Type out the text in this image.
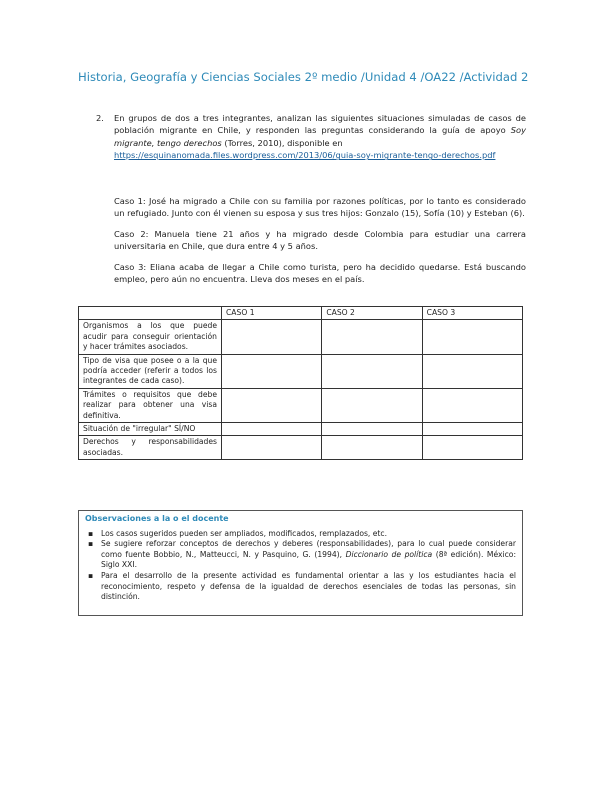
Historia, Geografía y Ciencias Sociales 2º medio /Unidad 4 /OA22 /Actividad 2
2. En grupos de dos a tres integrantes, analizan las siguientes situaciones simuladas de casos de población migrante en Chile, y responden las preguntas considerando la guía de apoyo Soy migrante, tengo derechos (Torres, 2010), disponible en
https://esquinanomada.files.wordpress.com/2013/06/guia-soy-migrante-tengo-derechos.pdf

Caso 1: José ha migrado a Chile con su familia por razones políticas, por lo tanto es considerado un refugiado. Junto con él vienen su esposa y sus tres hijos: Gonzalo (15), Sofía (10) y Esteban (6).

Caso 2: Manuela tiene 21 años y ha migrado desde Colombia para estudiar una carrera universitaria en Chile, que dura entre 4 y 5 años.

Caso 3: Eliana acaba de llegar a Chile como turista, pero ha decidido quedarse. Está buscando empleo, pero aún no encuentra. Lleva dos meses en el país.

	CASO 1	CASO 2	CASO 3
Organismos a los que puede acudir para conseguir orientación y hacer trámites asociados.			
Tipo de visa que posee o a la que podría acceder (referir a todos los integrantes de cada caso).			
Trámites o requisitos que debe realizar para obtener una visa definitiva.			
Situación de "irregular" SÍ/NO			
Derechos y responsabilidades asociadas.			
Observaciones a la o el docente
▪ Los casos sugeridos pueden ser ampliados, modificados, remplazados, etc.
▪ Se sugiere reforzar conceptos de derechos y deberes (responsabilidades), para lo cual puede considerar como fuente Bobbio, N., Matteucci, N. y Pasquino, G. (1994), Diccionario de política (8ª edición). México: Siglo XXI.
▪ Para el desarrollo de la presente actividad es fundamental orientar a las y los estudiantes hacia el reconocimiento, respeto y defensa de la igualdad de derechos esenciales de todas las personas, sin distinción.
